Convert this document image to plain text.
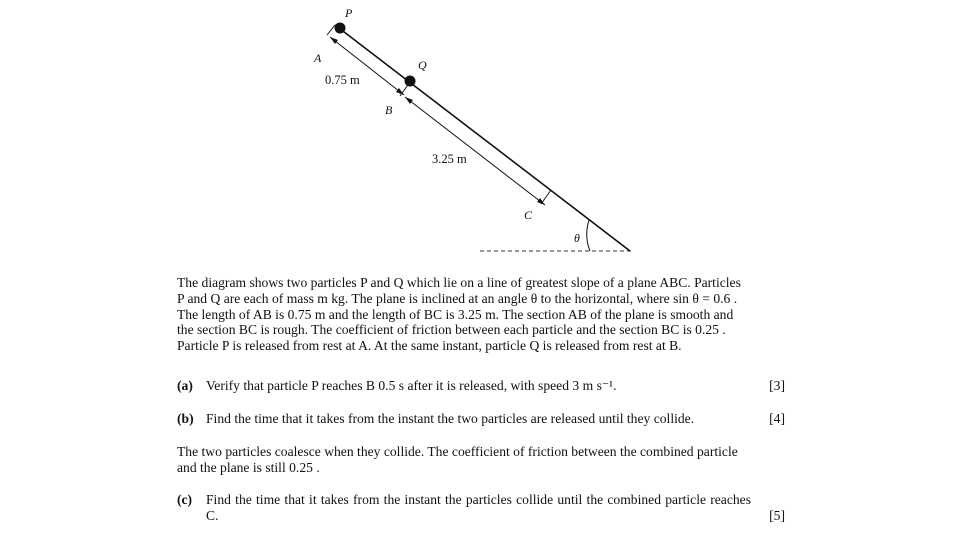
P
A	Q
B
C
θ
0.75 m
3.25 m
The diagram shows two particles P and Q which lie on a line of greatest slope of a plane ABC. Particles
P and Q are each of mass m kg. The plane is inclined at an angle θ to the horizontal, where sin θ = 0.6 .
The length of AB is 0.75 m and the length of BC is 3.25 m. The section AB of the plane is smooth and
the section BC is rough. The coefficient of friction between each particle and the section BC is 0.25 .
Particle P is released from rest at A. At the same instant, particle Q is released from rest at B.
(a) Verify that particle P reaches B 0.5 s after it is released, with speed 3 m s⁻¹.	[3]
(b) Find the time that it takes from the instant the two particles are released until they collide.	[4]
The two particles coalesce when they collide. The coefficient of friction between the combined particle
and the plane is still 0.25 .
(c) Find the time that it takes from the instant the particles collide until the combined particle reaches C.	[5]
